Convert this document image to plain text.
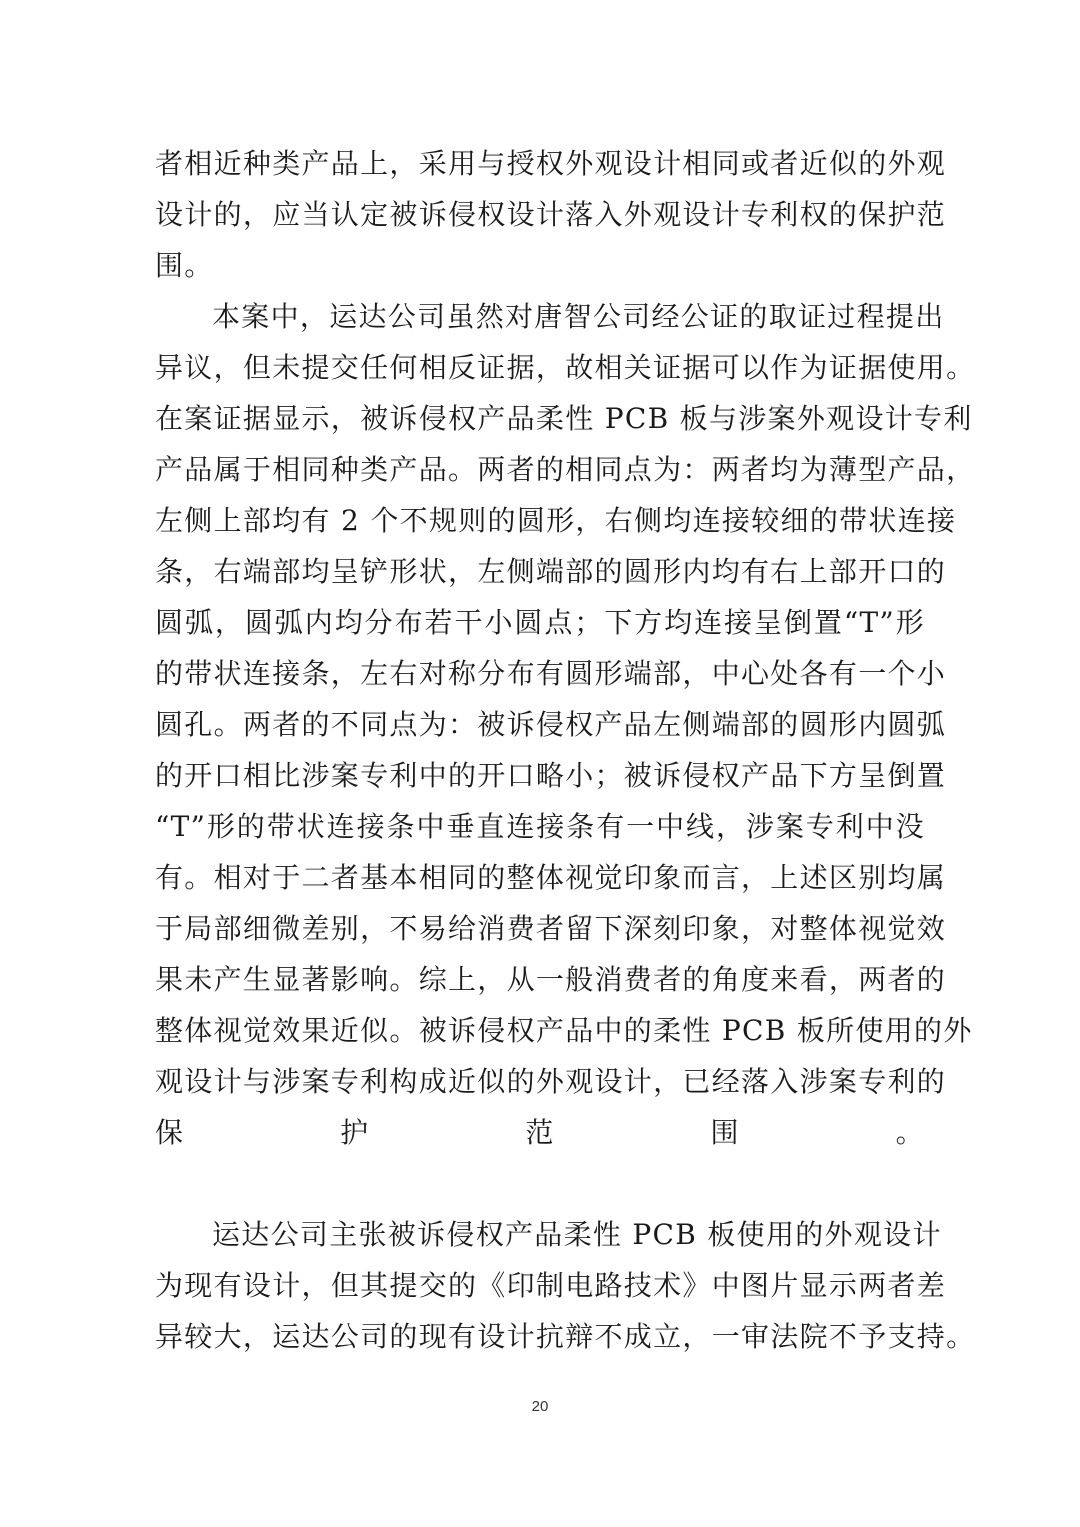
者相近种类产品上，采用与授权外观设计相同或者近似的外观
设计的，应当认定被诉侵权设计落入外观设计专利权的保护范
围。
本案中，运达公司虽然对唐智公司经公证的取证过程提出
异议，但未提交任何相反证据，故相关证据可以作为证据使用。
在案证据显示，被诉侵权产品柔性 PCB 板与涉案外观设计专利
产品属于相同种类产品。两者的相同点为：两者均为薄型产品，
左侧上部均有 2 个不规则的圆形，右侧均连接较细的带状连接
条，右端部均呈铲形状，左侧端部的圆形内均有右上部开口的
圆弧，圆弧内均分布若干小圆点；下方均连接呈倒置“T”形
的带状连接条，左右对称分布有圆形端部，中心处各有一个小
圆孔。两者的不同点为：被诉侵权产品左侧端部的圆形内圆弧
的开口相比涉案专利中的开口略小；被诉侵权产品下方呈倒置
“T”形的带状连接条中垂直连接条有一中线，涉案专利中没
有。相对于二者基本相同的整体视觉印象而言，上述区别均属
于局部细微差别，不易给消费者留下深刻印象，对整体视觉效
果未产生显著影响。综上，从一般消费者的角度来看，两者的
整体视觉效果近似。被诉侵权产品中的柔性 PCB 板所使用的外
观设计与涉案专利构成近似的外观设计，已经落入涉案专利的
保护范围。
运达公司主张被诉侵权产品柔性 PCB 板使用的外观设计
为现有设计，但其提交的《印制电路技术》中图片显示两者差
异较大，运达公司的现有设计抗辩不成立，一审法院不予支持。
20
